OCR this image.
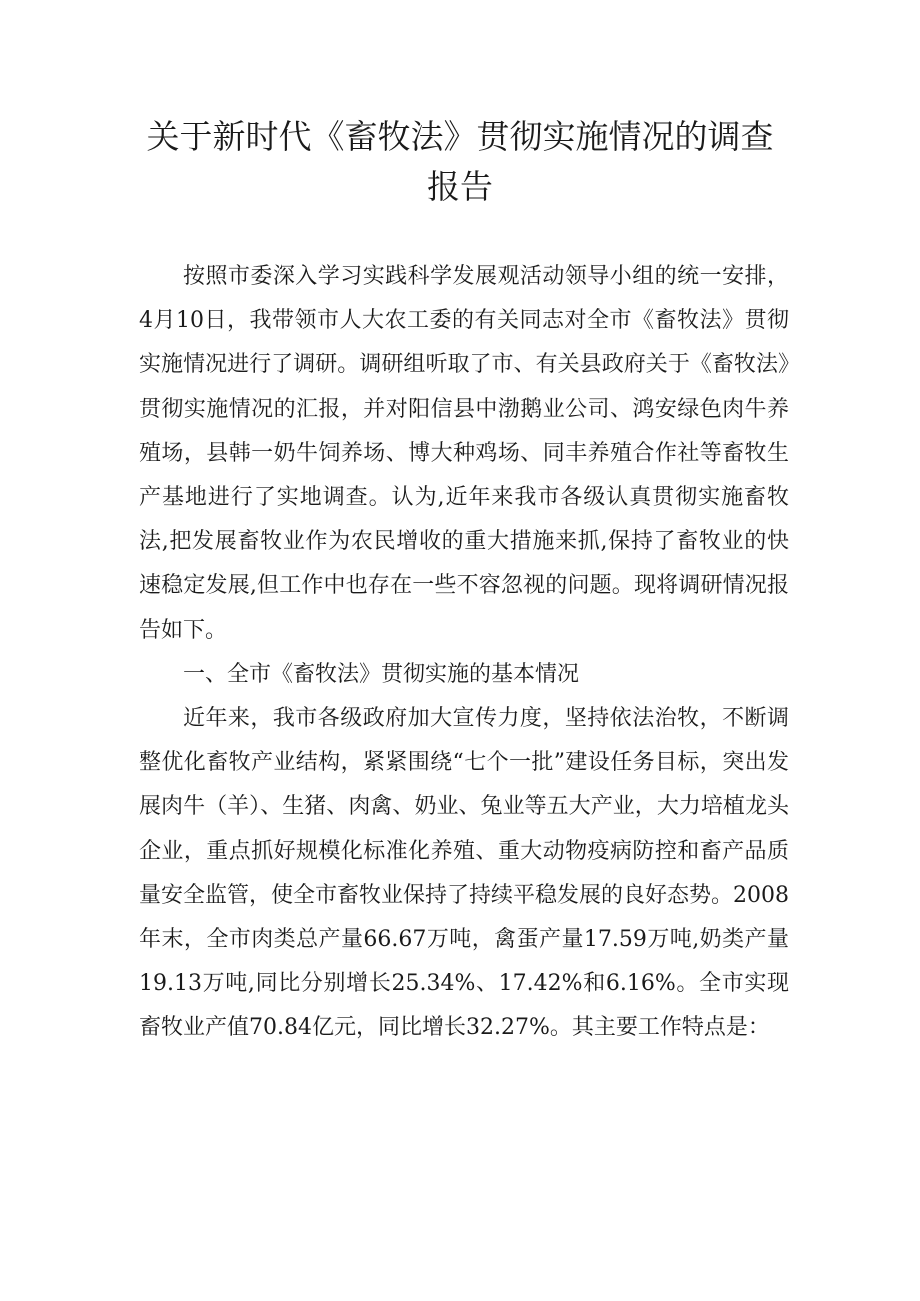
关于新时代《畜牧法》贯彻实施情况的调查
报告

按照市委深入学习实践科学发展观活动领导小组的统一安排，4月10日，我带领市人大农工委的有关同志对全市《畜牧法》贯彻实施情况进行了调研。调研组听取了市、有关县政府关于《畜牧法》贯彻实施情况的汇报，并对阳信县中渤鹅业公司、鸿安绿色肉牛养殖场，县韩一奶牛饲养场、博大种鸡场、同丰养殖合作社等畜牧生产基地进行了实地调查。认为,近年来我市各级认真贯彻实施畜牧法,把发展畜牧业作为农民增收的重大措施来抓,保持了畜牧业的快速稳定发展,但工作中也存在一些不容忽视的问题。现将调研情况报告如下。

一、全市《畜牧法》贯彻实施的基本情况

近年来，我市各级政府加大宣传力度，坚持依法治牧，不断调整优化畜牧产业结构，紧紧围绕“七个一批”建设任务目标，突出发展肉牛（羊）、生猪、肉禽、奶业、兔业等五大产业，大力培植龙头企业，重点抓好规模化标准化养殖、重大动物疫病防控和畜产品质量安全监管，使全市畜牧业保持了持续平稳发展的良好态势。2008年末，全市肉类总产量66.67万吨，禽蛋产量17.59万吨,奶类产量19.13万吨,同比分别增长25.34%、17.42%和6.16%。全市实现畜牧业产值70.84亿元，同比增长32.27%。其主要工作特点是：
